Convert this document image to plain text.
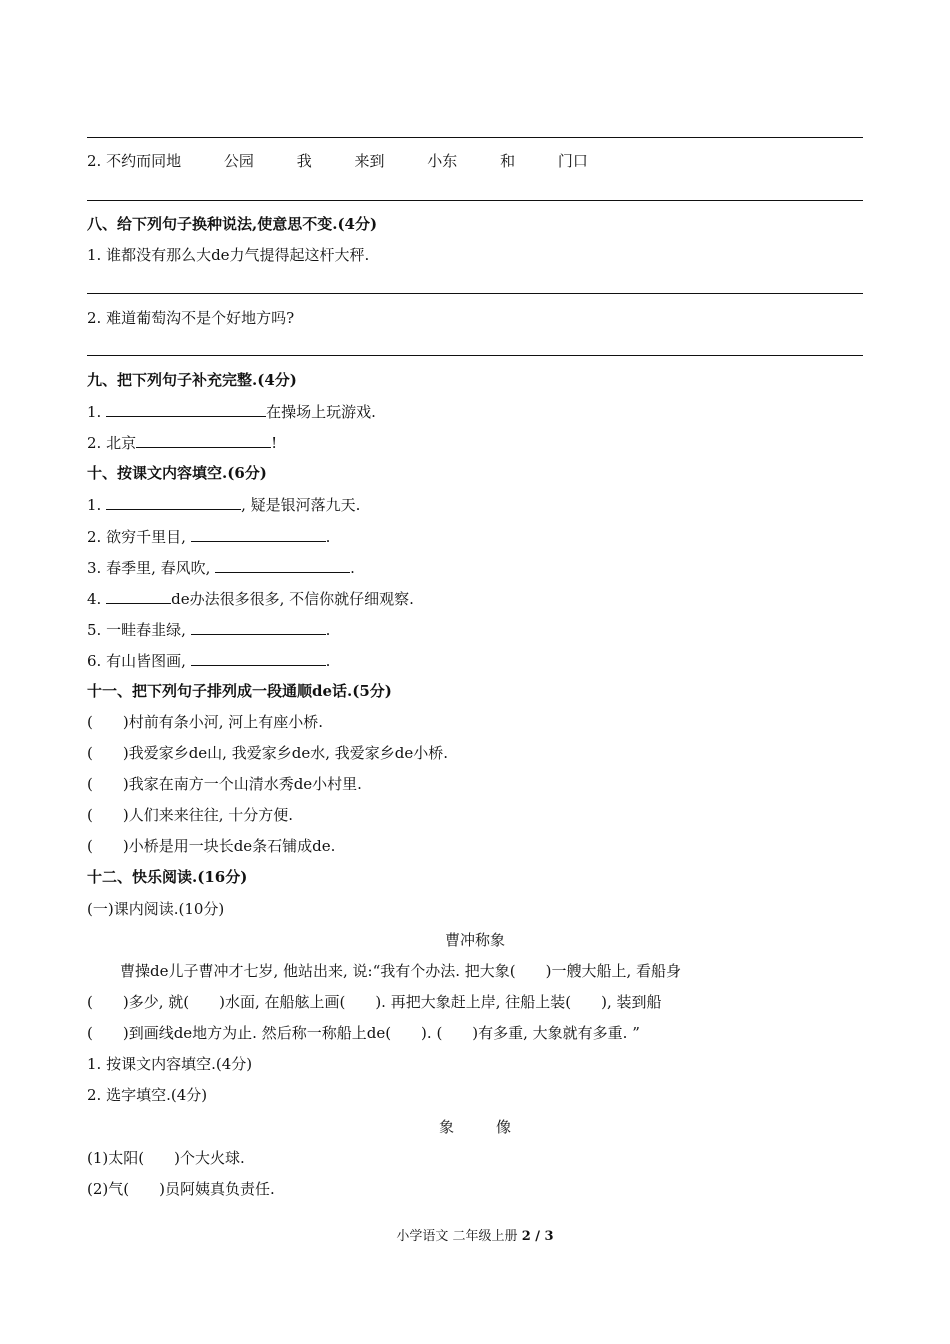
2. 不约而同地	公园	我	来到	小东	和	门口
八、给下列句子换种说法,使意思不变.(4分)
1. 谁都没有那么大de力气提得起这杆大秤.
2. 难道葡萄沟不是个好地方吗?
九、把下列句子补充完整.(4分)
1.	在操场上玩游戏.
2. 北京	!
十、按课文内容填空.(6分)
1.	, 疑是银河落九天.
2. 欲穷千里目,	.
3. 春季里, 春风吹,	.
4.	de办法很多很多, 不信你就仔细观察.
5. 一畦春韭绿,	.
6. 有山皆图画,	.
十一、把下列句子排列成一段通顺de话.(5分)
(　　)村前有条小河, 河上有座小桥.
(　　)我爱家乡de山, 我爱家乡de水, 我爱家乡de小桥.
(　　)我家在南方一个山清水秀de小村里.
(　　)人们来来往往, 十分方便.
(　　)小桥是用一块长de条石铺成de.
十二、快乐阅读.(16分)
(一)课内阅读.(10分)
曹冲称象
曹操de儿子曹冲才七岁, 他站出来, 说:“我有个办法. 把大象(　　)一艘大船上, 看船身
(　　)多少, 就(　　)水面, 在船舷上画(　　). 再把大象赶上岸, 往船上装(　　), 装到船
(　　)到画线de地方为止. 然后称一称船上de(　　). (　　)有多重, 大象就有多重. ”
1. 按课文内容填空.(4分)
2. 选字填空.(4分)
象	像
(1)太阳(　　)个大火球.
(2)气(　　)员阿姨真负责任.
小学语文 二年级上册 2 / 3
